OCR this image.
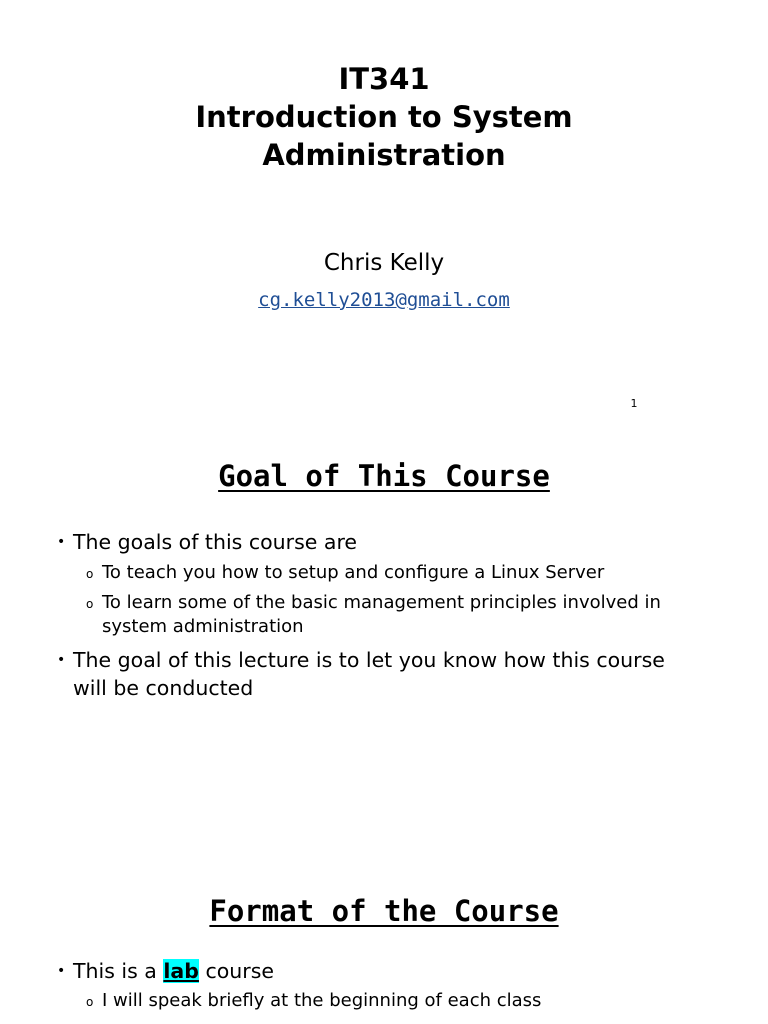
IT341
Introduction to System
Administration
Chris Kelly
cg.kelly2013@gmail.com
1
Goal of This Course
• The goals of this course are
o To teach you how to setup and configure a Linux Server
o To learn some of the basic management principles involved in
system administration
• The goal of this lecture is to let you know how this course
will be conducted
Format of the Course
• This is a lab course
o I will speak briefly at the beginning of each class
